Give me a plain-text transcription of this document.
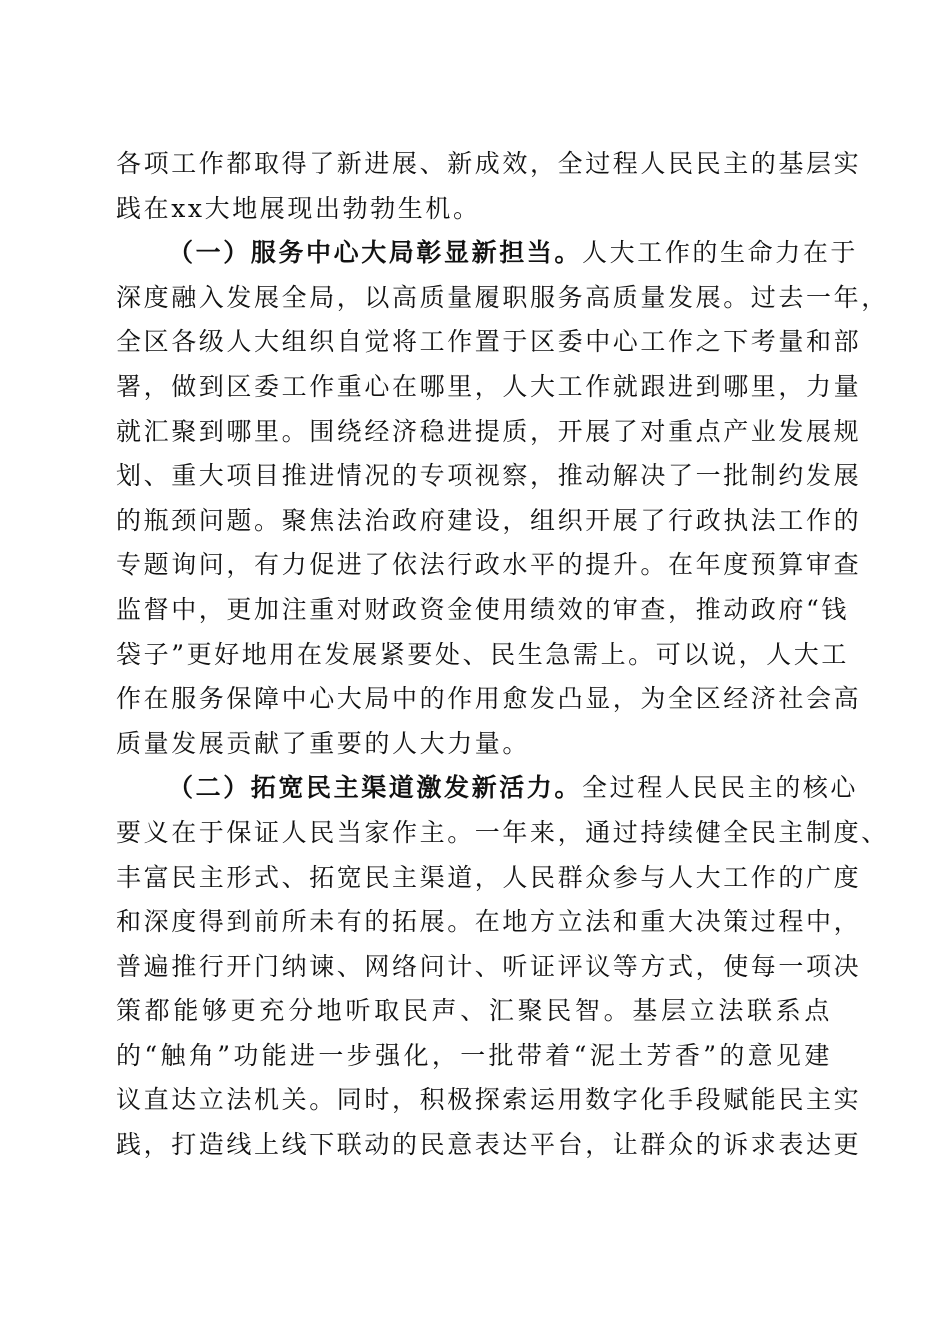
各项工作都取得了新进展、新成效，全过程人民民主的基层实
践在xx大地展现出勃勃生机。
（一）服务中心大局彰显新担当。人大工作的生命力在于
深度融入发展全局，以高质量履职服务高质量发展。过去一年，
全区各级人大组织自觉将工作置于区委中心工作之下考量和部
署，做到区委工作重心在哪里，人大工作就跟进到哪里，力量
就汇聚到哪里。围绕经济稳进提质，开展了对重点产业发展规
划、重大项目推进情况的专项视察，推动解决了一批制约发展
的瓶颈问题。聚焦法治政府建设，组织开展了行政执法工作的
专题询问，有力促进了依法行政水平的提升。在年度预算审查
监督中，更加注重对财政资金使用绩效的审查，推动政府“钱
袋子”更好地用在发展紧要处、民生急需上。可以说，人大工
作在服务保障中心大局中的作用愈发凸显，为全区经济社会高
质量发展贡献了重要的人大力量。
（二）拓宽民主渠道激发新活力。全过程人民民主的核心
要义在于保证人民当家作主。一年来，通过持续健全民主制度、
丰富民主形式、拓宽民主渠道，人民群众参与人大工作的广度
和深度得到前所未有的拓展。在地方立法和重大决策过程中，
普遍推行开门纳谏、网络问计、听证评议等方式，使每一项决
策都能够更充分地听取民声、汇聚民智。基层立法联系点
的“触角”功能进一步强化，一批带着“泥土芳香”的意见建
议直达立法机关。同时，积极探索运用数字化手段赋能民主实
践，打造线上线下联动的民意表达平台，让群众的诉求表达更
